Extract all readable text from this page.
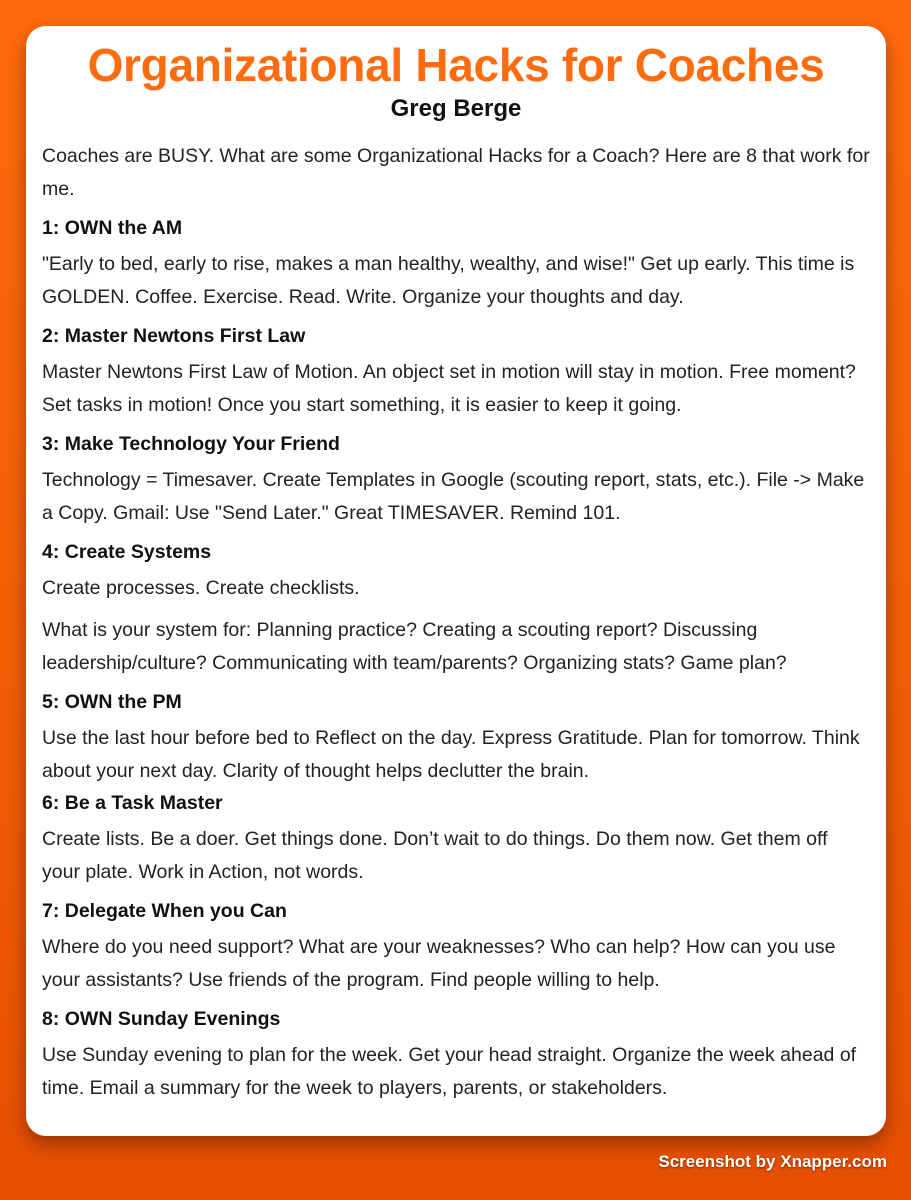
Organizational Hacks for Coaches
Greg Berge

Coaches are BUSY. What are some Organizational Hacks for a Coach? Here are 8 that work for me.

1: OWN the AM

"Early to bed, early to rise, makes a man healthy, wealthy, and wise!" Get up early. This time is GOLDEN. Coffee. Exercise. Read. Write. Organize your thoughts and day.

2: Master Newtons First Law

Master Newtons First Law of Motion. An object set in motion will stay in motion. Free moment? Set tasks in motion! Once you start something, it is easier to keep it going.

3: Make Technology Your Friend

Technology = Timesaver. Create Templates in Google (scouting report, stats, etc.). File -> Make a Copy. Gmail: Use "Send Later." Great TIMESAVER. Remind 101.

4: Create Systems

Create processes. Create checklists.

What is your system for: Planning practice? Creating a scouting report? Discussing leadership/culture? Communicating with team/parents? Organizing stats? Game plan?

5: OWN the PM

Use the last hour before bed to Reflect on the day. Express Gratitude. Plan for tomorrow. Think about your next day. Clarity of thought helps declutter the brain.

6: Be a Task Master

Create lists. Be a doer. Get things done. Don’t wait to do things. Do them now. Get them off your plate. Work in Action, not words.

7: Delegate When you Can

Where do you need support? What are your weaknesses? Who can help? How can you use your assistants? Use friends of the program. Find people willing to help.

8: OWN Sunday Evenings

Use Sunday evening to plan for the week. Get your head straight. Organize the week ahead of time. Email a summary for the week to players, parents, or stakeholders.

Screenshot by Xnapper.com
